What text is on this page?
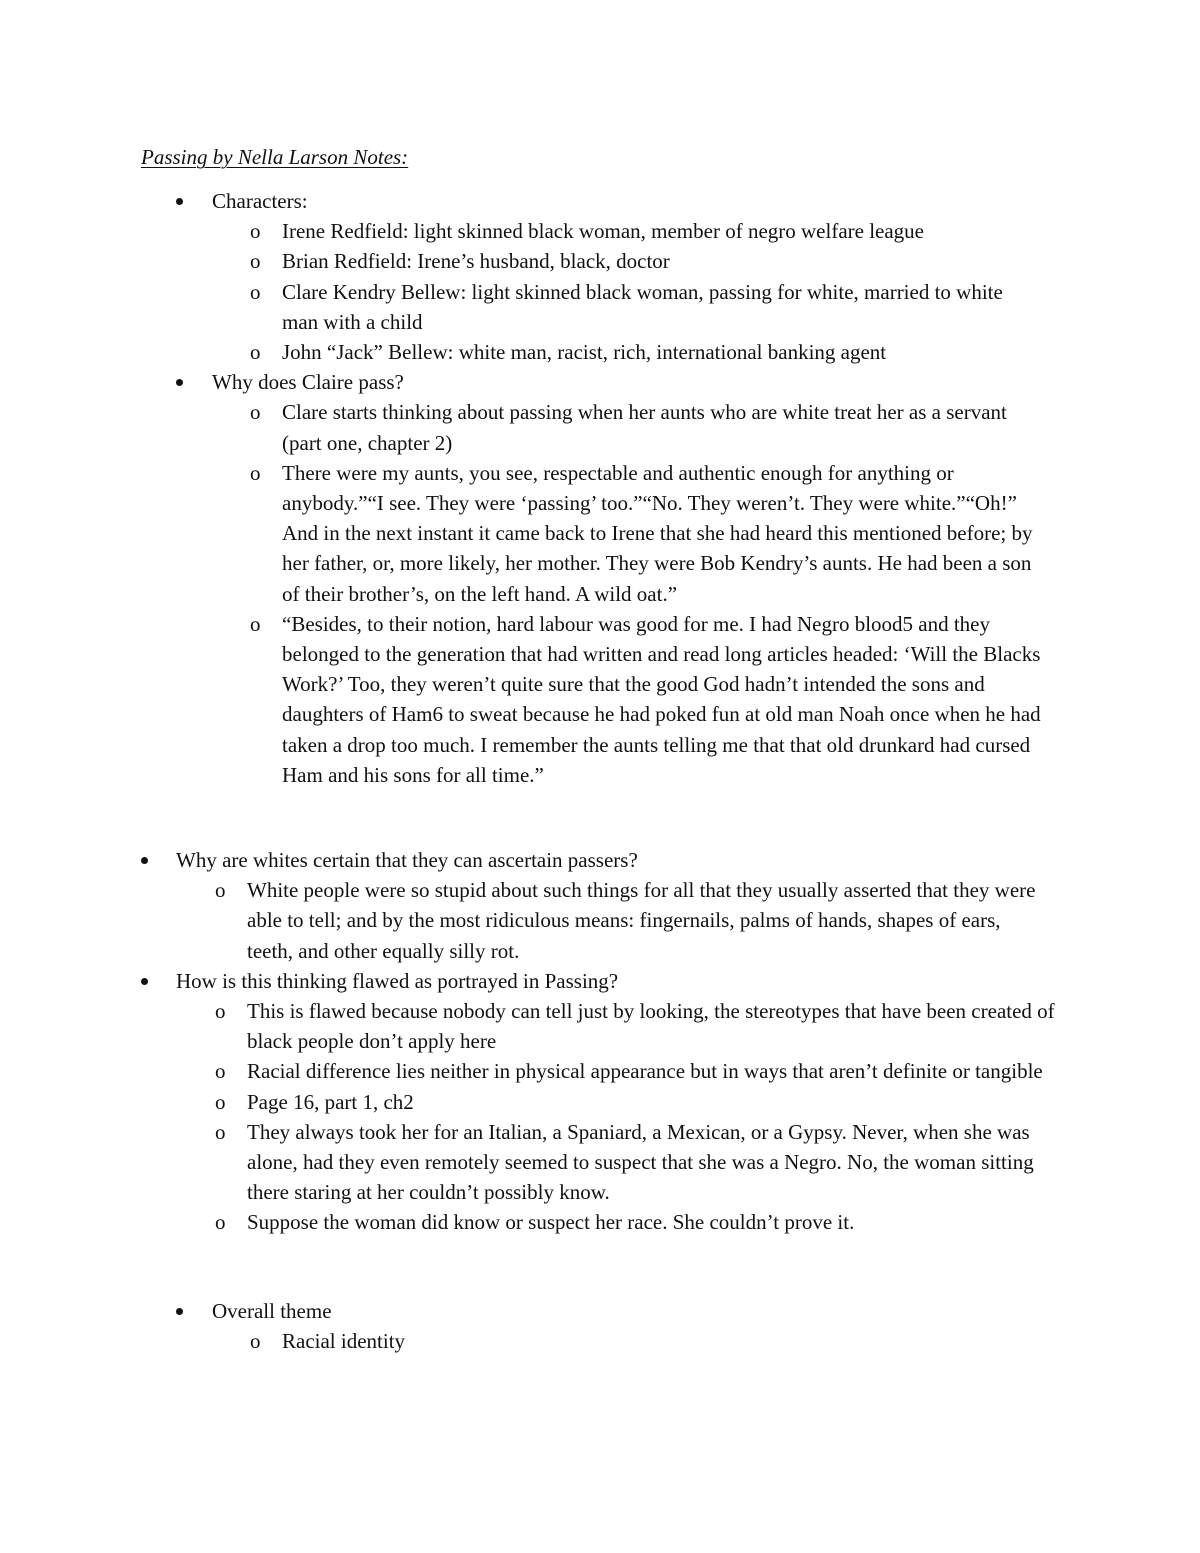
Passing by Nella Larson Notes:

Characters:
o Irene Redfield: light skinned black woman, member of negro welfare league
o Brian Redfield: Irene’s husband, black, doctor
o Clare Kendry Bellew: light skinned black woman, passing for white, married to white man with a child
o John “Jack” Bellew: white man, racist, rich, international banking agent
Why does Claire pass?
o Clare starts thinking about passing when her aunts who are white treat her as a servant (part one, chapter 2)
o There were my aunts, you see, respectable and authentic enough for anything or anybody.”“I see. They were ‘passing’ too.”“No. They weren’t. They were white.”“Oh!” And in the next instant it came back to Irene that she had heard this mentioned before; by her father, or, more likely, her mother. They were Bob Kendry’s aunts. He had been a son of their brother’s, on the left hand. A wild oat.”
o “Besides, to their notion, hard labour was good for me. I had Negro blood5 and they belonged to the generation that had written and read long articles headed: ‘Will the Blacks Work?’ Too, they weren’t quite sure that the good God hadn’t intended the sons and daughters of Ham6 to sweat because he had poked fun at old man Noah once when he had taken a drop too much. I remember the aunts telling me that that old drunkard had cursed Ham and his sons for all time.”
Why are whites certain that they can ascertain passers?
o White people were so stupid about such things for all that they usually asserted that they were able to tell; and by the most ridiculous means: fingernails, palms of hands, shapes of ears, teeth, and other equally silly rot.
How is this thinking flawed as portrayed in Passing?
o This is flawed because nobody can tell just by looking, the stereotypes that have been created of black people don’t apply here
o Racial difference lies neither in physical appearance but in ways that aren’t definite or tangible
o Page 16, part 1, ch2
o They always took her for an Italian, a Spaniard, a Mexican, or a Gypsy. Never, when she was alone, had they even remotely seemed to suspect that she was a Negro. No, the woman sitting there staring at her couldn’t possibly know.
o Suppose the woman did know or suspect her race. She couldn’t prove it.
Overall theme
o Racial identity
